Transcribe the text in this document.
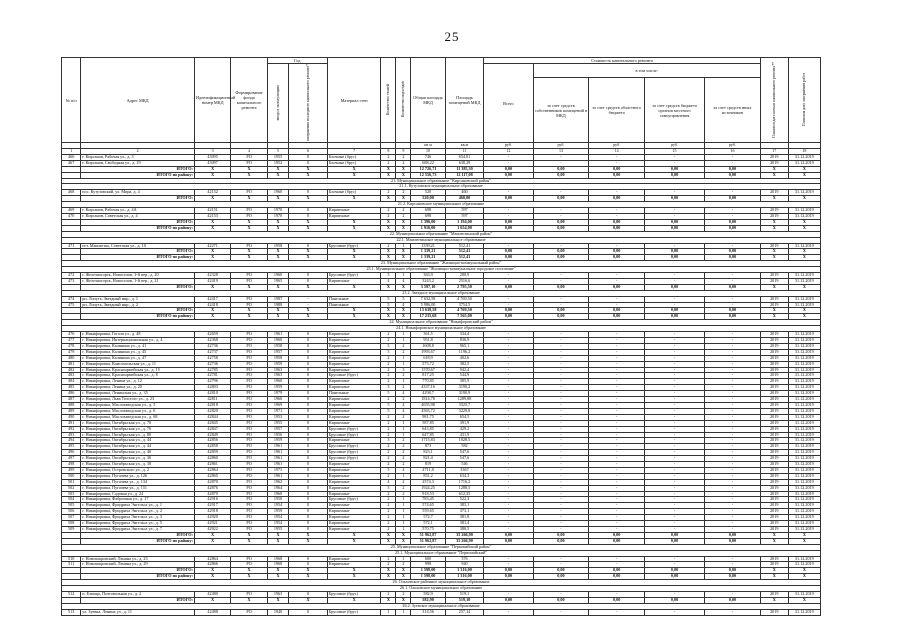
25
№ п/п	Адрес МКД	Идентификационный номер МКД	Формирование фонда капитального ремонта	Год		Материал стен	Количество этажей	Количество подъездов	Общая площадь МКД	Площадь помещений МКД	Стоимость капитального ремонта					Плановая дата начала капитального ремонта**	Плановая дата завершения работ
				ввода в эксплуатацию	завершения последнего капитального ремонта*						Всего	в том числе:					
												за счет средств собственников помещений в МКД	за счет средств областного бюджета	за счет средств бюджета органов местного самоуправления	за счет средств иных источников		
									кв.м	кв.м	руб.	руб.	руб.	руб.	руб.		
1	2	3	4	5	6	7	8	9	10	11	12	13	14	15	16	17	18
466	г. Кирсанов, Рабочая ул., д. 3	43095	РО	1955	0	Блочные (брус)	2	2	746	654,01	-	-	-	-	-	2019	31.12.2019
467	г. Кирсанов, Свободная ул., д. 19	43097	РО	1952	0	Блочные (брус)	2	2	688,22	638,29	-	-	-	-	-	2019	31.12.2019
	ИТОГО:	X	X	X	X	X	X	X	12 726,71	11 385,30	0,00	0,00	0,00	0,00	0,00	X	X
	ИТОГО по району:	X	X	X	X	X	X	X	12 556,73	12 117,08	0,00	0,00	0,00	0,00	0,00	X	X
21. Муниципальное образование "Кирсановский район"																	
21.1. Кутузовское муниципальное образование																	
468	пос. Кутузовский, ул. Мира, д. 4	42152	РО	1960	0	Блочные (брус)	2	2	520	460	-	-	-	-	-	2019	31.12.2019
	ИТОГО:	X	X	X	X	X	X	X	520,00	460,00	0,00	0,00	0,00	0,00	0,00	X	X
21.2. Кирсановское муниципальное образование																	
469	г. Кирсанов, Рабочая ул., д. 4А	42151	РО	1970	0	Кирпичные	2	2	698	597	-	-	-	-	-	2019	31.12.2019
470	г. Кирсанов, Советская ул., д. 4	42153	РО	1970	0	Кирпичные	2	2	698	597	-	-	-	-	-	2019	31.12.2019
	ИТОГО:	X	X	X	X	X	X	X	1 396,00	1 194,00	0,00	0,00	0,00	0,00	0,00	X	X
	ИТОГО по району:	X	X	X	X	X	X	X	1 916,00	1 654,00	0,00	0,00	0,00	0,00	0,00	X	X
22. Муниципальное образование "Мамлютинский район"																	
22.1. Мамлютинское муниципальное образование																	
471	пгт. Мамлютка, Советская ул., д. 10	42271	РО	1958	0	Брусовые (брус)	2	1	1339,21	512,41	-	-	-	-	-	2019	31.12.2019
	ИТОГО:	X	X	X	X	X	X	X	1 339,21	512,41	0,00	0,00	0,00	0,00	0,00	X	X
	ИТОГО по району:	X	X	X	X	X	X	X	1 339,21	512,41	0,00	0,00	0,00	0,00	0,00	X	X
23. Муниципальное образование "Жилищно-коммунальный район"																	
23.1. Муниципальное образование "Жилищно-коммунальное городское поселение"																	
472	г. Железногорск, Новоселов, 1-й пер., д. 20	42328	РО	1960	0	Брусовые (брус)	3	1	363,9	280,9	-	-	-	-	-	2019	31.12.2019
473	г. Железногорск, Новоселов, 1-й пер., д. 21	42419	РО	1965	0	Кирпичные	4	4	3243,2	2516,6	-	-	-	-	-	2019	31.12.2019
	ИТОГО:	X	X	X	X	X	X	X	3 597,10	2 795,50	0,00	0,00	0,00	0,00	0,00	X	X
23.2. Звездное муниципальное образование																	
474	рп. Лопуть, Звездный мкр., д. 1	42417	РО	1987	-	Панельные	5	5	7 632,58	4 769,50	-	-	-	-	-	2019	31.12.2019
475	рп. Лопуть, Звездный мкр., д. 2	42418	РО	1988	-	Панельные	5	4	5 986,00	3754,5	-	-	-	-	-	2019	31.12.2019
	ИТОГО:	X	X	X	X	X	X	X	13 638,58	4 769,50	0,00	0,00	0,00	0,00	0,00	X	X
	ИТОГО по району:	X	X	X	X	X	X	X	17 235,68	7 565,00	0,00	0,00	0,00	0,00	0,00	X	X
24. Муниципальное образование "Никифоровский район"																	
24.1. Никифоровское муниципальное образование																	
476	г. Никифоровка, Гоголя ул., д. 48	42659	РО	1961	0	Кирпичные	2	1	361,5	334,4	-	-	-	-	-	2019	31.12.2019
477	г. Никифоровка, Интернациональная ул., д. 4	42368	РО	1960	0	Кирпичные	2	1	951,8	836,9	-	-	-	-	-	2019	31.12.2019
478	г. Никифоровка, Калинина ул., д. 41	42736	РО	1958	0	Кирпичные	3	2	1608,8	965,1	-	-	-	-	-	2019	31.12.2019
479	г. Никифоровка, Калинина ул., д. 45	42737	РО	1957	0	Кирпичные	3	2	1993,67	1196,2	-	-	-	-	-	2019	31.12.2019
480	г. Никифоровка, Калинина ул., д. 47	42758	РО	1958	0	Кирпичные	2	1	618,9	402,6	-	-	-	-	-	2019	31.12.2019
481	г. Никифоровка, Комсомольская ул., д. 11	42736	РО	1959	0	Кирпичные	2	1	573,72	382,5	-	-	-	-	-	2019	31.12.2019
482	г. Никифоровка, Красноармейская ул., д. 15	42785	РО	1963	0	Кирпичные	2	3	1570,67	942,4	-	-	-	-	-	2019	31.12.2019
483	г. Никифоровка, Красноармейская ул., д. 8	42781	РО	1963	0	Брусовые (брус)	2	2	817,25	544,9	-	-	-	-	-	2019	31.12.2019
484	г. Никифоровка, Ленина ул., д. 12	42796	РО	1960	0	Кирпичные	2	1	770,85	385,9	-	-	-	-	-	2019	31.12.2019
485	г. Никифоровка, Ленина ул., д. 20	42803	РО	1959	0	Кирпичные	3	2	4337,16	3190,2	-	-	-	-	-	2019	31.12.2019
486	г. Никифоровка, Ленинская ул., д. 35	42810	РО	1979	0	Панельные	5	4	4298,7	3190,9	-	-	-	-	-	2019	31.12.2019
487	г. Никифоровка, Льва Толстого ул., д. 23	42811	РО	1960	0	Кирпичные	2	2	1814,78	1289,88	-	-	-	-	-	2019	31.12.2019
488	г. Никифоровка, Маслозаводская ул., д. 5	42818	РО	1969	0	Кирпичные	5	4	4655,98	3325,7	-	-	-	-	-	2019	31.12.2019
489	г. Никифоровка, Маслозаводская ул., д. 6	42820	РО	1971	0	Кирпичные	5	4	4563,72	3229,8	-	-	-	-	-	2019	31.12.2019
490	г. Никифоровка, Маслозаводская ул., д. 68	42844	РО	1953	0	Кирпичные	2	2	981,75	654,5	-	-	-	-	-	2019	31.12.2019
491	г. Никифоровка, Октябрьская ул., д. 70	42845	РО	1955	0	Кирпичные	2	1	587,85	391,9	-	-	-	-	-	2019	31.12.2019
492	г. Никифоровка, Октябрьская ул., д. 76	42847	РО	1957	0	Брусовые (брус)	2	1	643,85	429,2	-	-	-	-	-	2019	31.12.2019
493	г. Никифоровка, Октябрьская ул., д. 80	42849	РО	1956	0	Брусовые (брус)	2	1	647,85	431,9	-	-	-	-	-	2019	31.12.2019
494	г. Никифоровка, Октябрьская ул., д. 44	42856	РО	1959	0	Кирпичные	3	2	1715,83	1028,5	-	-	-	-	-	2019	31.12.2019
495	г. Никифоровка, Октябрьская ул., д. 44	42858	РО	1961	0	Брусовые (брус)	2	2	873	582	-	-	-	-	-	2019	31.12.2019
496	г. Никифоровка, Октябрьская ул., д. 46	42859	РО	1961	0	Брусовые (брус)	2	2	823,1	547,6	-	-	-	-	-	2019	31.12.2019
497	г. Никифоровка, Октябрьская ул., д. 36	42860	РО	1961	0	Брусовые (брус)	2	2	821,4	547,6	-	-	-	-	-	2019	31.12.2019
498	г. Никифоровка, Октябрьская ул., д. 38	42861	РО	1961	0	Кирпичные	2	2	819	546	-	-	-	-	-	2019	31.12.2019
499	г. Никифоровка, Островского ул., д. 2	42864	РО	1973	0	Кирпичные	5	4	4711,8	3367	-	-	-	-	-	2019	31.12.2019
500	г. Никифоровка, Пугачева ул., д. 126	42865	РО	1961	0	Кирпичные	2	1	851,2	634,3	-	-	-	-	-	2019	31.12.2019
501	г. Никифоровка, Пугачева ул., д. 134	42870	РО	1962	0	Кирпичные	4	2	2574,3	1716,2	-	-	-	-	-	2019	31.12.2019
502	г. Никифоровка, Пугачева ул., д. 151	42876	РО	1964	0	Кирпичные	3	2	1924,25	1288,5	-	-	-	-	-	2019	31.12.2019
503	г. Никифоровка, Садовая ул., д. 24	42879	РО	1960	0	Кирпичные	2	2	918,53	612,35	-	-	-	-	-	2019	31.12.2019
504	г. Никифоровка, Фабричная ул., д. 17	42916	РО	1950	0	Брусовые (брус)	2	1	783,45	522,3	-	-	-	-	-	2019	31.12.2019
505	г. Никифоровка, Фридриха Энгельса ул., д. 1	42917	РО	1954	0	Кирпичные	2	1	574,65	383,1	-	-	-	-	-	2019	31.12.2019
506	г. Никифоровка, Фридриха Энгельса ул., д. 2	42918	РО	1959	0	Кирпичные	2	1	559,65	373,1	-	-	-	-	-	2019	31.12.2019
507	г. Никифоровка, Фридриха Энгельса ул., д. 3	42920	РО	1954	0	Кирпичные	2	1	572,7	381,8	-	-	-	-	-	2019	31.12.2019
508	г. Никифоровка, Фридриха Энгельса ул., д. 5	42921	РО	1954	0	Кирпичные	2	1	572,1	381,4	-	-	-	-	-	2019	31.12.2019
509	г. Никифоровка, Фридриха Энгельса ул., д. 7	42922	РО	1955	0	Кирпичные	2	1	570,75	380,5	-	-	-	-	-	2019	31.12.2019
	ИТОГО:	X	X	X	X	X	X	X	51 962,87	35 266,90	0,00	0,00	0,00	0,00	0,00	X	X
	ИТОГО по району:	X	X	X	X	X	X	X	51 962,87	35 266,90	0,00	0,00	0,00	0,00	0,00	X	X
25. Муниципальное образование "Первомайский район"																	
25.1. Муниципальное образование "Первомайский"																	
510	г. Новопокровский, Ленина ул., д. 23	42864	РО	1968	0	Кирпичные	2	1	600	376	-	-	-	-	-	2019	31.12.2019
511	г. Новопокровский, Ленина ул., д. 29	42866	РО	1968	0	Кирпичные	2	2	998	940	-	-	-	-	-	2019	31.12.2019
	ИТОГО:	X	X	X	X	X	X	X	1 598,00	1 316,00	0,00	0,00	0,00	0,00	0,00	X	X
	ИТОГО по району:	X	X	X	X	X	X	X	1 598,00	1 316,00	0,00	0,00	0,00	0,00	0,00	X	X
26. Ольховское районное муниципальное образование																	
26.1. Ольховское муниципальное образование																	
512	п. Ёлница, Почтовальная ул., д. 2	42480	РО	1963	0	Брусовые (брус)	2	2	582,9	519,1	-	-	-	-	-	2019	31.12.2019
	ИТОГО:	X	X	X	X	X	X	X	582,90	519,10	0,00	0,00	0,00	0,00	0,00	X	X
26.2. Зуевское муниципальное образование																	
513	ул. Зуевка, Ленина ул., д. 11	42488	РО	1940	0	Брусовые (брус)	1	1	314,56	257,14	-	-	-	-	-	2019	31.12.2019
